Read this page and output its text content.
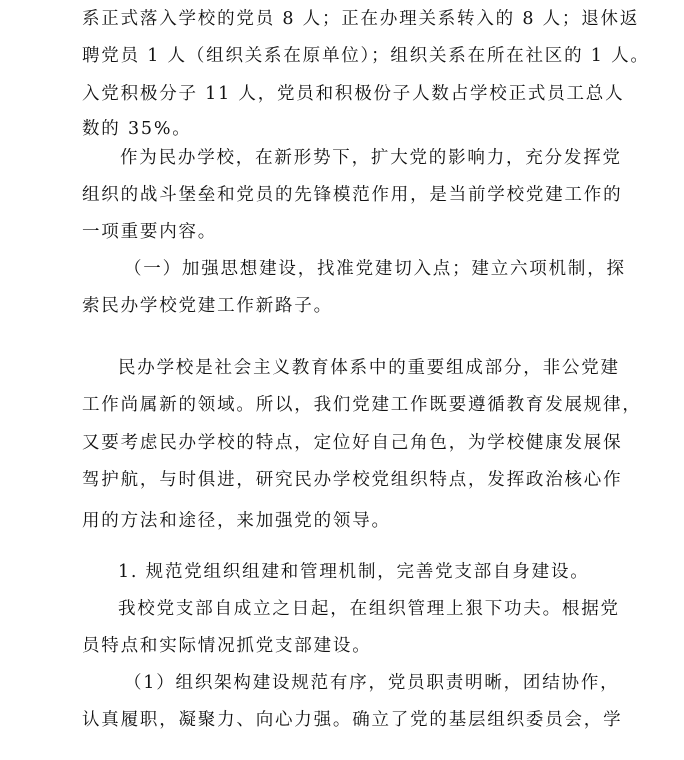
系正式落入学校的党员 8 人；正在办理关系转入的 8 人；退休返
聘党员 1 人（组织关系在原单位）；组织关系在所在社区的 1 人。
入党积极分子 11 人，党员和积极份子人数占学校正式员工总人
数的 35%。
作为民办学校，在新形势下，扩大党的影响力，充分发挥党
组织的战斗堡垒和党员的先锋模范作用，是当前学校党建工作的
一项重要内容。
（一）加强思想建设，找准党建切入点；建立六项机制，探
索民办学校党建工作新路子。
民办学校是社会主义教育体系中的重要组成部分，非公党建
工作尚属新的领域。所以，我们党建工作既要遵循教育发展规律，
又要考虑民办学校的特点，定位好自己角色，为学校健康发展保
驾护航，与时俱进，研究民办学校党组织特点，发挥政治核心作
用的方法和途径，来加强党的领导。
1. 规范党组织组建和管理机制，完善党支部自身建设。
我校党支部自成立之日起，在组织管理上狠下功夫。根据党
员特点和实际情况抓党支部建设。
（1）组织架构建设规范有序，党员职责明晰，团结协作，
认真履职，凝聚力、向心力强。确立了党的基层组织委员会，学
